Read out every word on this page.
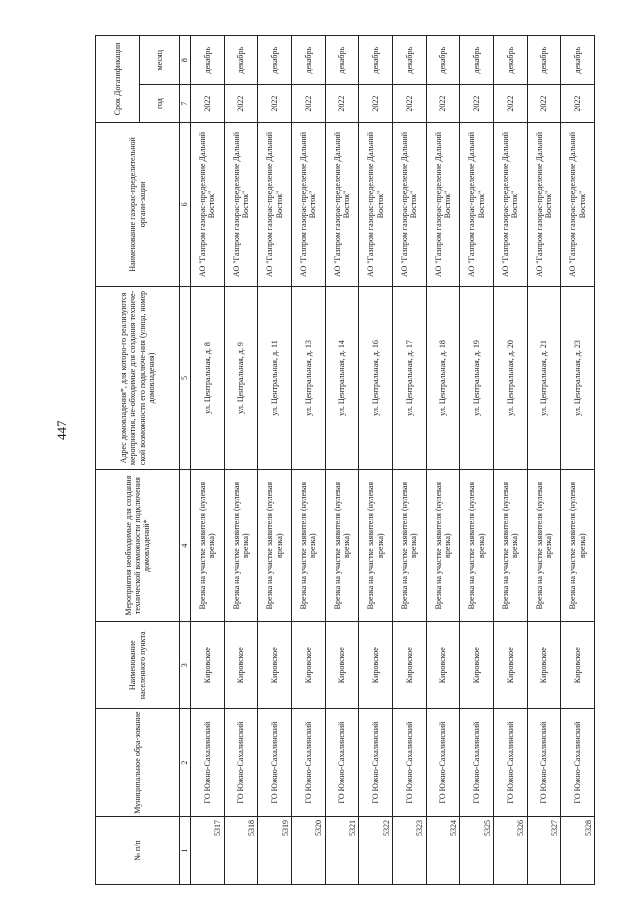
447
№ п/п	Муниципальное обра-зование	Наименование населенного пункта	Мероприятия необходимые для создания технической возможности подключения домовладений*	Адрес домовладения*, для которо-го реализуются мероприятия, не-обходимые для создания техниче-ской возможности его подключе-ния (улица, номер домовладения)	Наименование газорас-пределительной органи-зации	Срок Догазификации	
						год	месяц
1	2	3	4	5	6	7	8
5317	ГО Южно-Сахалинский	Кировское	Врезка на участке заявителя (нулевая врезка)	ул. Центральная, д. 8	АО "Газпром газорас-пределение Дальний Восток"	2022	декабрь
5318	ГО Южно-Сахалинский	Кировское	Врезка на участке заявителя (нулевая врезка)	ул. Центральная, д. 9	АО "Газпром газорас-пределение Дальний Восток"	2022	декабрь
5319	ГО Южно-Сахалинский	Кировское	Врезка на участке заявителя (нулевая врезка)	ул. Центральная, д. 11	АО "Газпром газорас-пределение Дальний Восток"	2022	декабрь
5320	ГО Южно-Сахалинский	Кировское	Врезка на участке заявителя (нулевая врезка)	ул. Центральная, д. 13	АО "Газпром газорас-пределение Дальний Восток"	2022	декабрь
5321	ГО Южно-Сахалинский	Кировское	Врезка на участке заявителя (нулевая врезка)	ул. Центральная, д. 14	АО "Газпром газорас-пределение Дальний Восток"	2022	декабрь
5322	ГО Южно-Сахалинский	Кировское	Врезка на участке заявителя (нулевая врезка)	ул. Центральная, д. 16	АО "Газпром газорас-пределение Дальний Восток"	2022	декабрь
5323	ГО Южно-Сахалинский	Кировское	Врезка на участке заявителя (нулевая врезка)	ул. Центральная, д. 17	АО "Газпром газорас-пределение Дальний Восток"	2022	декабрь
5324	ГО Южно-Сахалинский	Кировское	Врезка на участке заявителя (нулевая врезка)	ул. Центральная, д. 18	АО "Газпром газорас-пределение Дальний Восток"	2022	декабрь
5325	ГО Южно-Сахалинский	Кировское	Врезка на участке заявителя (нулевая врезка)	ул. Центральная, д. 19	АО "Газпром газорас-пределение Дальний Восток"	2022	декабрь
5326	ГО Южно-Сахалинский	Кировское	Врезка на участке заявителя (нулевая врезка)	ул. Центральная, д. 20	АО "Газпром газорас-пределение Дальний Восток"	2022	декабрь
5327	ГО Южно-Сахалинский	Кировское	Врезка на участке заявителя (нулевая врезка)	ул. Центральная, д. 21	АО "Газпром газорас-пределение Дальний Восток"	2022	декабрь
5328	ГО Южно-Сахалинский	Кировское	Врезка на участке заявителя (нулевая врезка)	ул. Центральная, д. 23	АО "Газпром газорас-пределение Дальний Восток"	2022	декабрь
